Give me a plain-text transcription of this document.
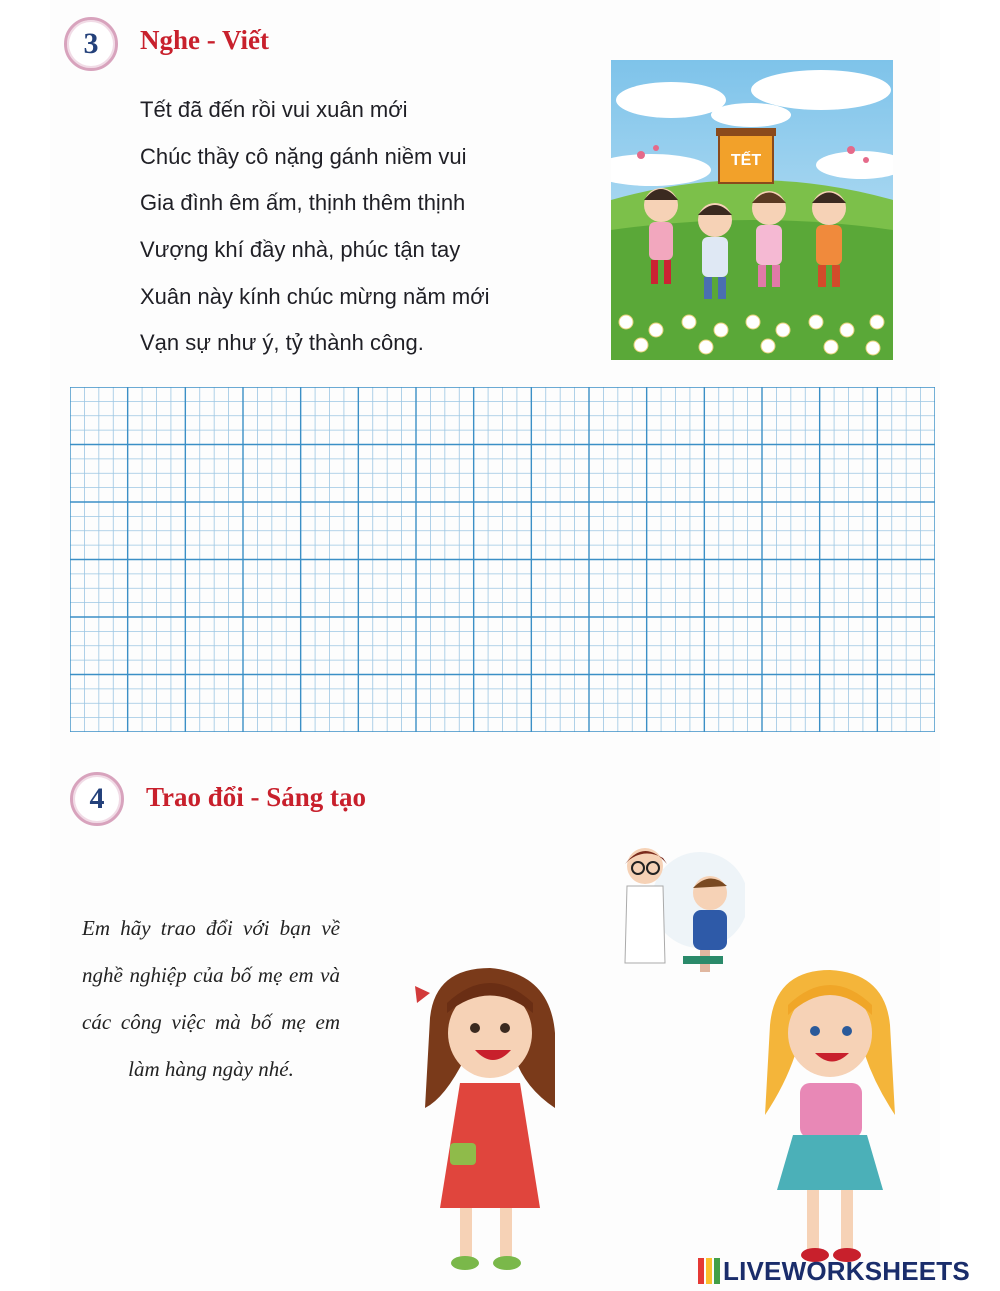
3 Nghe - Viết
Tết đã đến rồi vui xuân mới
Chúc thầy cô nặng gánh niềm vui
Gia đình êm ấm, thịnh thêm thịnh
Vượng khí đầy nhà, phúc tận tay
Xuân này kính chúc mừng năm mới
Vạn sự như ý, tỷ thành công.
TẾT
4 Trao đổi - Sáng tạo
Em hãy trao đổi với bạn về nghề nghiệp của bố mẹ em và các công việc mà bố mẹ em làm hàng ngày nhé.
LIVEWORKSHEETS
